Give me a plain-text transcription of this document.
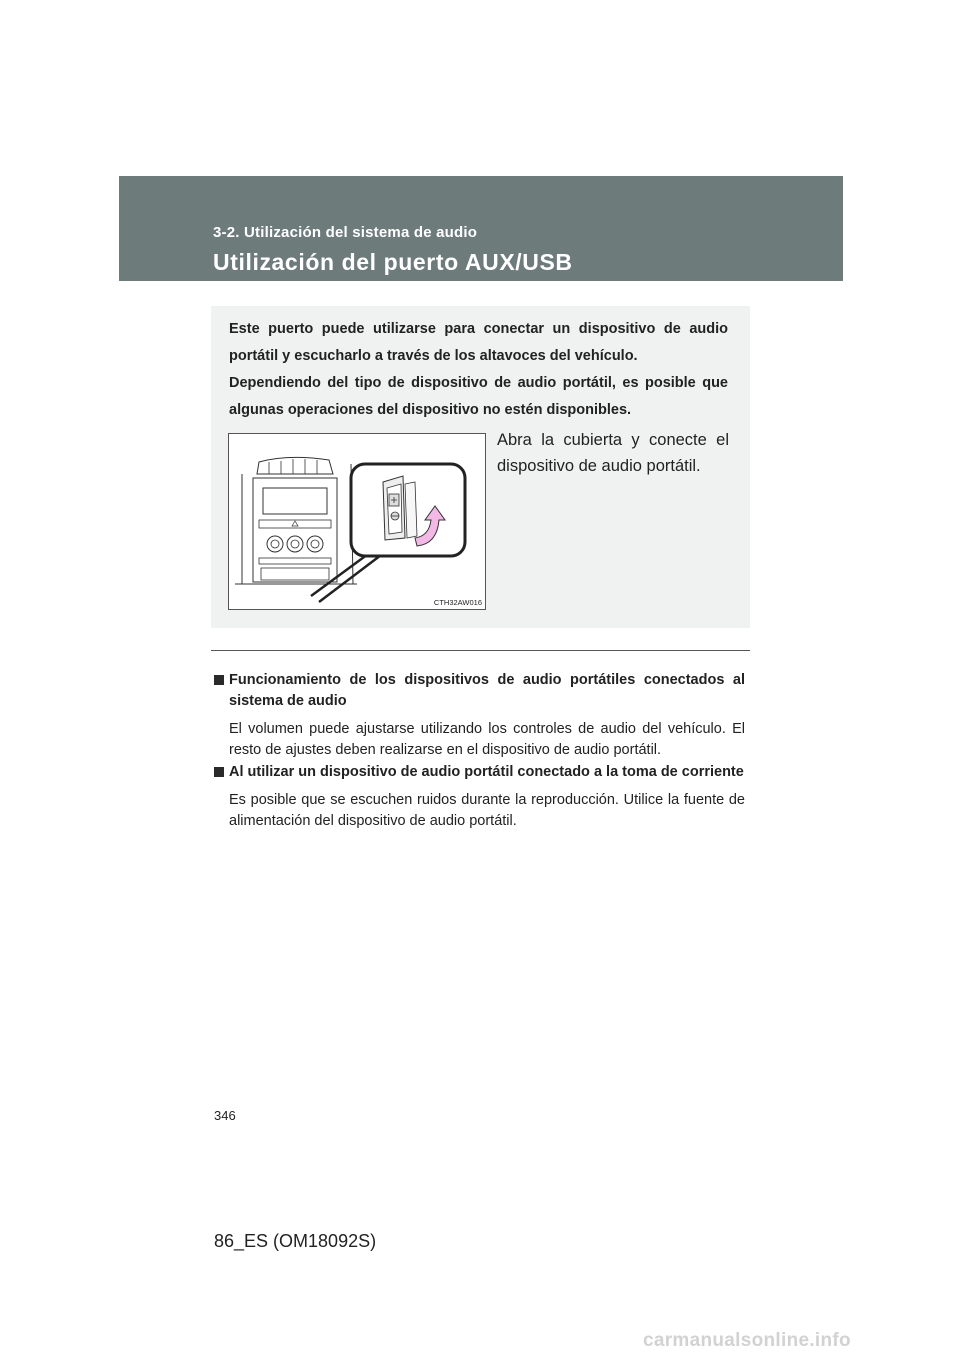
3-2. Utilización del sistema de audio
Utilización del puerto AUX/USB

Este puerto puede utilizarse para conectar un dispositivo de audio portátil y escucharlo a través de los altavoces del vehículo.

Dependiendo del tipo de dispositivo de audio portátil, es posible que algunas operaciones del dispositivo no estén disponibles.

CTH32AW016

Abra la cubierta y conecte el dispositivo de audio portátil.

Funcionamiento de los dispositivos de audio portátiles conectados al sistema de audio

El volumen puede ajustarse utilizando los controles de audio del vehículo. El resto de ajustes deben realizarse en el dispositivo de audio portátil.

Al utilizar un dispositivo de audio portátil conectado a la toma de corriente

Es posible que se escuchen ruidos durante la reproducción. Utilice la fuente de alimentación del dispositivo de audio portátil.

346
86_ES (OM18092S)
carmanualsonline.info
